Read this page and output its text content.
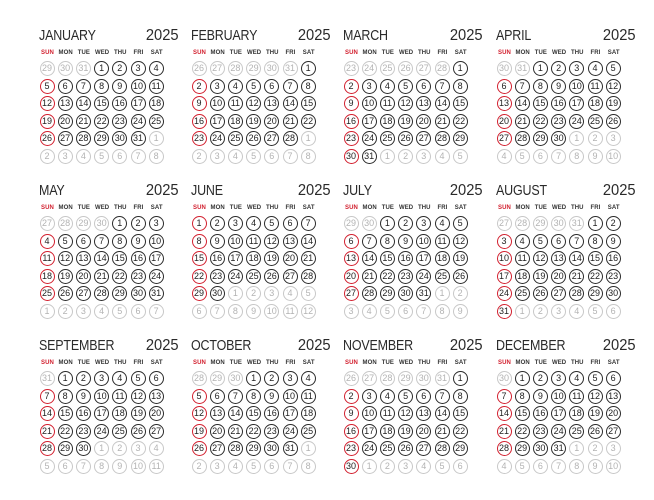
JANUARY	2025
SUN MON TUE WED THU	FRI	SAT
29 30 31	1	2	3	4
5	6	7	8	9	10 11
12 13 14 15 16 17 18
19 20 21 22 23 24 25
26 27 28 29 30 31	1
2	3	4	5	6	7	8
FEBRUARY	2025
SUN MON TUE WED THU	FRI	SAT
26 27 28 29 30 31	1
2	3	4	5	6	7	8
9	10 11 12 13 14 15
16 17 18 19 20 21 22
23 24 25 26 27 28	1
2	3	4	5	6	7	8
MARCH	2025
SUN MON TUE WED THU	FRI	SAT
23 24 25 26 27 28	1
2	3	4	5	6	7	8
9	10 11 12 13 14 15
16 17 18 19 20 21 22
23 24 25 26 27 28 29
30 31	1	2	3	4	5
APRIL	2025
SUN MON TUE WED THU	FRI	SAT
30 31	1	2	3	4	5
6	7	8	9	10 11 12
13 14 15 16 17 18 19
20 21 22 23 24 25 26
27 28 29 30	1	2	3
4	5	6	7	8	9	10
MAY	2025
SUN MON TUE WED THU	FRI	SAT
27 28 29 30	1	2	3
4	5	6	7	8	9	10
11 12 13 14 15 16 17
18 19 20 21 22 23 24
25 26 27 28 29 30 31
1	2	3	4	5	6	7
JUNE	2025
SUN MON TUE WED THU	FRI	SAT
1	2	3	4	5	6	7
8	9	10 11 12 13 14
15 16 17 18 19 20 21
22 23 24 25 26 27 28
29 30	1	2	3	4	5
6	7	8	9	10 11 12
JULY	2025
SUN MON TUE WED THU	FRI	SAT
29 30	1	2	3	4	5
6	7	8	9	10 11 12
13 14 15 16 17 18 19
20 21 22 23 24 25 26
27 28 29 30 31	1	2
3	4	5	6	7	8	9
AUGUST	2025
SUN MON TUE WED THU	FRI	SAT
27 28 29 30 31	1	2
3	4	5	6	7	8	9
10 11 12 13 14 15 16
17 18 19 20 21 22 23
24 25 26 27 28 29 30
31	1	2	3	4	5	6
SEPTEMBER 2025
SUN MON TUE WED THU	FRI	SAT
31	1	2	3	4	5	6
7	8	9	10 11 12 13
14 15 16 17 18 19 20
21 22 23 24 25 26 27
28 29 30	1	2	3	4
5	6	7	8	9	10 11
OCTOBER	2025
SUN MON TUE WED THU	FRI	SAT
28 29 30	1	2	3	4
5	6	7	8	9	10 11
12 13 14 15 16 17 18
19 20 21 22 23 24 25
26 27 28 29 30 31	1
2	3	4	5	6	7	8
NOVEMBER 2025
SUN MON TUE WED THU	FRI	SAT
26 27 28 29 30 31	1
2	3	4	5	6	7	8
9	10 11 12 13 14 15
16 17 18 19 20 21 22
23 24 25 26 27 28 29
30	1	2	3	4	5	6
DECEMBER 2025
SUN MON TUE WED THU	FRI	SAT
30	1	2	3	4	5	6
7	8	9	10 11 12 13
14 15 16 17 18 19 20
21 22 23 24 25 26 27
28 29 30 31	1	2	3
4	5	6	7	8	9	10
